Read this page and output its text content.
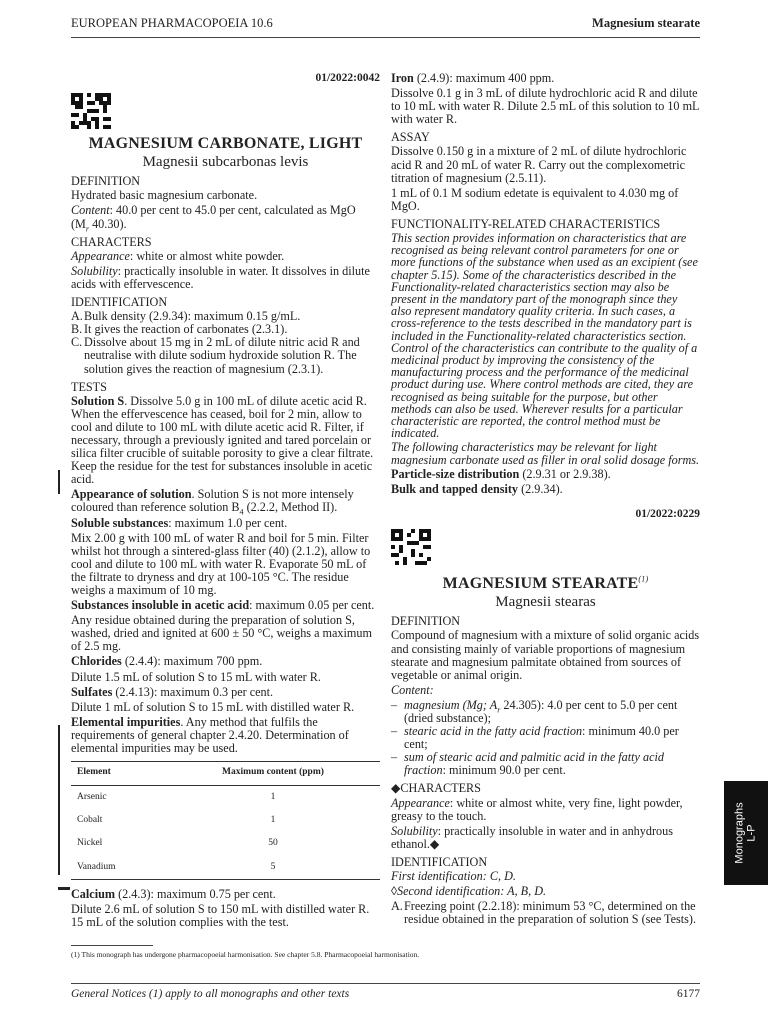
EUROPEAN PHARMACOPOEIA 10.6	Magnesium stearate
01/2022:0042
MAGNESIUM CARBONATE, LIGHT
Magnesii subcarbonas levis
DEFINITION

Hydrated basic magnesium carbonate.

Content: 40.0 per cent to 45.0 per cent, calculated as MgO
($M_r$ 40.30).

CHARACTERS

Appearance: white or almost white powder.

Solubility: practically insoluble in water. It dissolves in dilute acids with effervescence.

IDENTIFICATION
A. Bulk density (2.9.34): maximum 0.15 g/mL.
B. It gives the reaction of carbonates (2.3.1).
C. Dissolve about 15 mg in 2 mL of dilute nitric acid R and neutralise with dilute sodium hydroxide solution R. The solution gives the reaction of magnesium (2.3.1).
TESTS

Solution S. Dissolve 5.0 g in 100 mL of dilute acetic acid R. When the effervescence has ceased, boil for 2 min, allow to cool and dilute to 100 mL with dilute acetic acid R. Filter, if necessary, through a previously ignited and tared porcelain or silica filter crucible of suitable porosity to give a clear filtrate. Keep the residue for the test for substances insoluble in acetic acid.

Appearance of solution. Solution S is not more intensely coloured than reference solution $B_4$ (2.2.2, Method II).

Soluble substances: maximum 1.0 per cent.

Mix 2.00 g with 100 mL of water R and boil for 5 min. Filter whilst hot through a sintered-glass filter (40) (2.1.2), allow to cool and dilute to 100 mL with water R. Evaporate 50 mL of the filtrate to dryness and dry at 100-105 °C. The residue weighs a maximum of 10 mg.

Substances insoluble in acetic acid: maximum 0.05 per cent.

Any residue obtained during the preparation of solution S, washed, dried and ignited at 600 ± 50 °C, weighs a maximum of 2.5 mg.

Chlorides (2.4.4): maximum 700 ppm.

Dilute 1.5 mL of solution S to 15 mL with water R.

Sulfates (2.4.13): maximum 0.3 per cent.

Dilute 1 mL of solution S to 15 mL with distilled water R.

Elemental impurities. Any method that fulfils the requirements of general chapter 2.4.20. Determination of elemental impurities may be used.

Element	Maximum content (ppm)
Arsenic	1
Cobalt	1
Nickel	50
Vanadium	5

Calcium (2.4.3): maximum 0.75 per cent.

Dilute 2.6 mL of solution S to 150 mL with distilled water R. 15 mL of the solution complies with the test.

Iron (2.4.9): maximum 400 ppm.

Dissolve 0.1 g in 3 mL of dilute hydrochloric acid R and dilute to 10 mL with water R. Dilute 2.5 mL of this solution to 10 mL with water R.

ASSAY

Dissolve 0.150 g in a mixture of 2 mL of dilute hydrochloric acid R and 20 mL of water R. Carry out the complexometric titration of magnesium (2.5.11).

1 mL of 0.1 M sodium edetate is equivalent to 4.030 mg of MgO.

FUNCTIONALITY-RELATED CHARACTERISTICS

This section provides information on characteristics that are recognised as being relevant control parameters for one or more functions of the substance when used as an excipient (see chapter 5.15). Some of the characteristics described in the Functionality-related characteristics section may also be present in the mandatory part of the monograph since they also represent mandatory quality criteria. In such cases, a cross-reference to the tests described in the mandatory part is included in the Functionality-related characteristics section. Control of the characteristics can contribute to the quality of a medicinal product by improving the consistency of the manufacturing process and the performance of the medicinal product during use. Where control methods are cited, they are recognised as being suitable for the purpose, but other methods can also be used. Wherever results for a particular characteristic are reported, the control method must be indicated.

The following characteristics may be relevant for light magnesium carbonate used as filler in oral solid dosage forms.

Particle-size distribution (2.9.31 or 2.9.38).

Bulk and tapped density (2.9.34).

01/2022:0229
MAGNESIUM STEARATE$^{(1)}$
Magnesii stearas
DEFINITION

Compound of magnesium with a mixture of solid organic acids and consisting mainly of variable proportions of magnesium stearate and magnesium palmitate obtained from sources of vegetable or animal origin.

Content:

– magnesium (Mg; $A_r$ 24.305): 4.0 per cent to 5.0 per cent (dried substance);
– stearic acid in the fatty acid fraction: minimum 40.0 per cent;
– sum of stearic acid and palmitic acid in the fatty acid fraction: minimum 90.0 per cent.
◆CHARACTERS

Appearance: white or almost white, very fine, light powder, greasy to the touch.

Solubility: practically insoluble in water and in anhydrous ethanol.◆

IDENTIFICATION

First identification: C, D.

◊Second identification: A, B, D.

A. Freezing point (2.2.18): minimum 53 °C, determined on the residue obtained in the preparation of solution S (see Tests).
(1) This monograph has undergone pharmacopoeial harmonisation. See chapter 5.8. Pharmacopoeial harmonisation.
General Notices (1) apply to all monographs and other texts	6177
Monographs L-P
